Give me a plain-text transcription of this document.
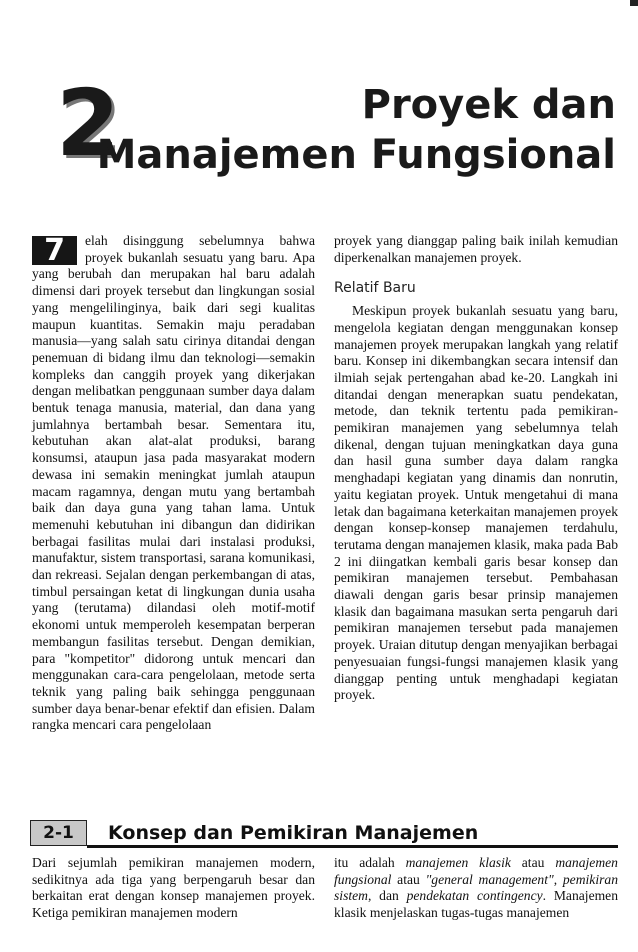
2	Proyek dan
Manajemen Fungsional

7	elah disinggung sebelumnya bahwa proyek bukanlah sesuatu yang baru. Apa yang berubah dan merupakan hal baru adalah dimensi dari proyek tersebut dan lingkungan sosial yang mengelilinginya, baik dari segi kualitas maupun kuantitas. Semakin maju peradaban manusia—yang salah satu cirinya ditandai dengan penemuan di bidang ilmu dan teknologi—semakin kompleks dan canggih proyek yang dikerjakan dengan melibatkan penggunaan sumber daya dalam bentuk tenaga manusia, material, dan dana yang jumlahnya bertambah besar. Sementara itu, kebutuhan akan alat-alat produksi, barang konsumsi, ataupun jasa pada masyarakat modern dewasa ini semakin meningkat jumlah ataupun macam ragamnya, dengan mutu yang bertambah baik dan daya guna yang tahan lama. Untuk memenuhi kebutuhan ini dibangun dan didirikan berbagai fasilitas mulai dari instalasi produksi, manufaktur, sistem transportasi, sarana komunikasi, dan rekreasi. Sejalan dengan perkembangan di atas, timbul persaingan ketat di lingkungan dunia usaha yang (terutama) dilandasi oleh motif-motif ekonomi untuk memperoleh kesempatan berperan membangun fasilitas tersebut. Dengan demikian, para "kompetitor" didorong untuk mencari dan menggunakan cara-cara pengelolaan, metode serta teknik yang paling baik sehingga penggunaan sumber daya benar-benar efektif dan efisien. Dalam rangka mencari cara pengelolaan

proyek yang dianggap paling baik inilah kemudian diperkenalkan manajemen proyek.

Relatif Baru

Meskipun proyek bukanlah sesuatu yang baru, mengelola kegiatan dengan menggunakan konsep manajemen proyek merupakan langkah yang relatif baru. Konsep ini dikembangkan secara intensif dan ilmiah sejak pertengahan abad ke-20. Langkah ini ditandai dengan menerapkan suatu pendekatan, metode, dan teknik tertentu pada pemikiran-pemikiran manajemen yang sebelumnya telah dikenal, dengan tujuan meningkatkan daya guna dan hasil guna sumber daya dalam rangka menghadapi kegiatan yang dinamis dan nonrutin, yaitu kegiatan proyek. Untuk mengetahui di mana letak dan bagaimana keterkaitan manajemen proyek dengan konsep-konsep manajemen terdahulu, terutama dengan manajemen klasik, maka pada Bab 2 ini diingatkan kembali garis besar konsep dan pemikiran manajemen tersebut. Pembahasan diawali dengan garis besar prinsip manajemen klasik dan bagaimana masukan serta pengaruh dari pemikiran manajemen tersebut pada manajemen proyek. Uraian ditutup dengan menyajikan berbagai penyesuaian fungsi-fungsi manajemen klasik yang dianggap penting untuk menghadapi kegiatan proyek.

2-1	Konsep dan Pemikiran Manajemen

Dari sejumlah pemikiran manajemen modern, sedikitnya ada tiga yang berpengaruh besar dan berkaitan erat dengan konsep manajemen proyek. Ketiga pemikiran manajemen modern

itu adalah manajemen klasik atau manajemen fungsional atau "general management", pemikiran sistem, dan pendekatan contingency. Manajemen klasik menjelaskan tugas-tugas manajemen
